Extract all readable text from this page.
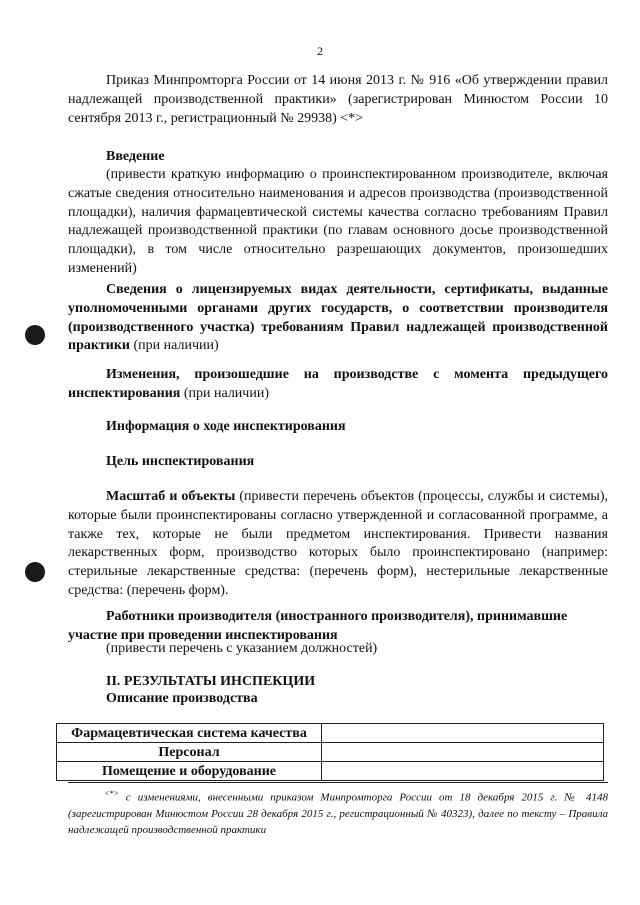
2
Приказ Минпромторга России от 14 июня 2013 г. № 916 «Об утверждении правил надлежащей производственной практики» (зарегистрирован Минюстом России 10 сентября 2013 г., регистрационный № 29938) <*>
Введение
(привести краткую информацию о проинспектированном производителе, включая сжатые сведения относительно наименования и адресов производства (производственной площадки), наличия фармацевтической системы качества согласно требованиям Правил надлежащей производственной практики (по главам основного досье производственной площадки), в том числе относительно разрешающих документов, произошедших изменений)
Сведения о лицензируемых видах деятельности, сертификаты, выданные уполномоченными органами других государств, о соответствии производителя (производственного участка) требованиям Правил надлежащей производственной практики (при наличии)
Изменения, произошедшие на производстве с момента предыдущего инспектирования (при наличии)
Информация о ходе инспектирования
Цель инспектирования
Масштаб и объекты (привести перечень объектов (процессы, службы и системы), которые были проинспектированы согласно утвержденной и согласованной программе, а также тех, которые не были предметом инспектирования. Привести названия лекарственных форм, производство которых было проинспектировано (например: стерильные лекарственные средства: (перечень форм), нестерильные лекарственные средства: (перечень форм).
Работники производителя (иностранного производителя), принимавшие участие при проведении инспектирования
(привести перечень с указанием должностей)
II. РЕЗУЛЬТАТЫ ИНСПЕКЦИИ
Описание производства
Фармацевтическая система качества	
Персонал	
Помещение и оборудование	
<*> с изменениями, внесенными приказом Минпромторга России от 18 декабря 2015 г. № 4148 (зарегистрирован Минюстом России 28 декабря 2015 г., регистрационный № 40323), далее по тексту – Правила надлежащей производственной практики
